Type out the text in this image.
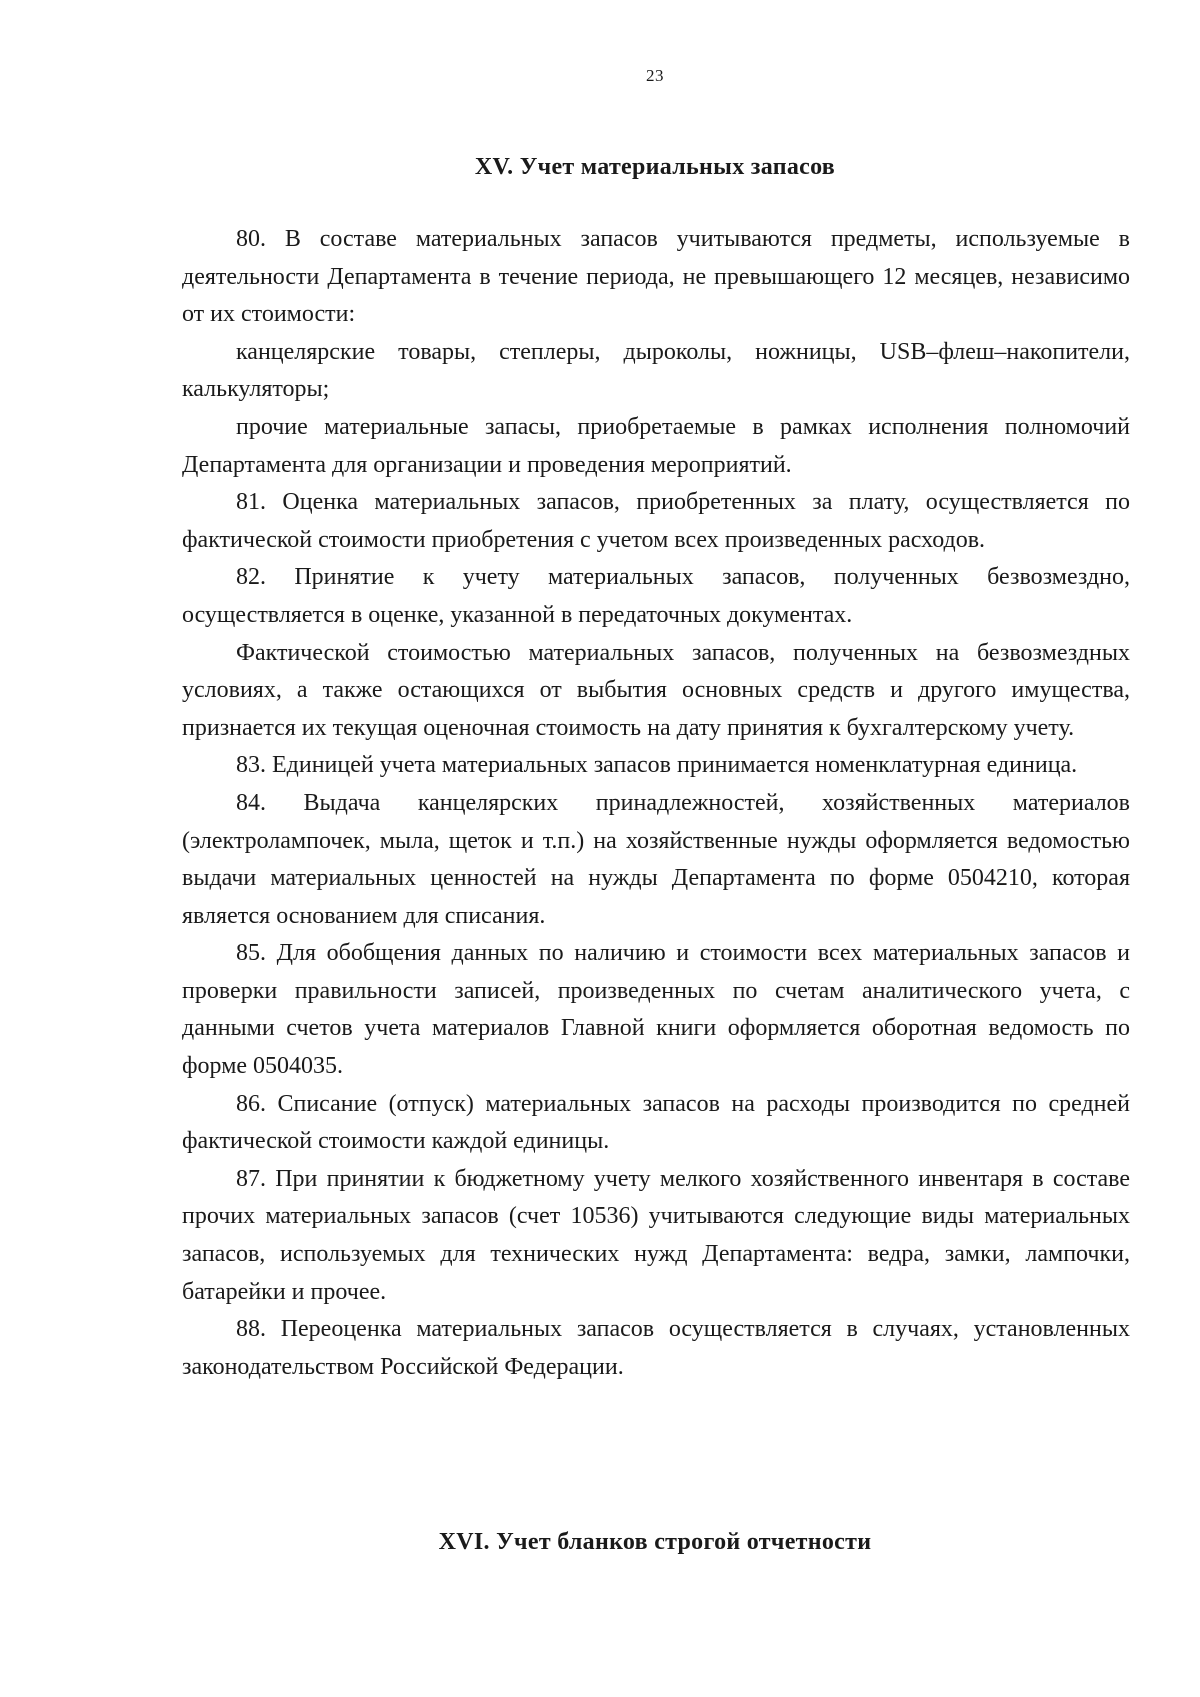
23
XV. Учет материальных запасов

80. В составе материальных запасов учитываются предметы, используемые в деятельности Департамента в течение периода, не превышающего 12 месяцев, независимо от их стоимости:

канцелярские товары, степлеры, дыроколы, ножницы, USB–флеш–накопители, калькуляторы;

прочие материальные запасы, приобретаемые в рамках исполнения полномочий Департамента для организации и проведения мероприятий.

81. Оценка материальных запасов, приобретенных за плату, осуществляется по фактической стоимости приобретения с учетом всех произведенных расходов.

82. Принятие к учету материальных запасов, полученных безвозмездно, осуществляется в оценке, указанной в передаточных документах.

Фактической стоимостью материальных запасов, полученных на безвозмездных условиях, а также остающихся от выбытия основных средств и другого имущества, признается их текущая оценочная стоимость на дату принятия к бухгалтерскому учету.

83. Единицей учета материальных запасов принимается номенклатурная единица.

84. Выдача канцелярских принадлежностей, хозяйственных материалов (электролампочек, мыла, щеток и т.п.) на хозяйственные нужды оформляется ведомостью выдачи материальных ценностей на нужды Департамента по форме 0504210, которая является основанием для списания.

85. Для обобщения данных по наличию и стоимости всех материальных запасов и проверки правильности записей, произведенных по счетам аналитического учета, с данными счетов учета материалов Главной книги оформляется оборотная ведомость по форме 0504035.

86. Списание (отпуск) материальных запасов на расходы производится по средней фактической стоимости каждой единицы.

87. При принятии к бюджетному учету мелкого хозяйственного инвентаря в составе прочих материальных запасов (счет 10536) учитываются следующие виды материальных запасов, используемых для технических нужд Департамента: ведра, замки, лампочки, батарейки и прочее.

88. Переоценка материальных запасов осуществляется в случаях, установленных законодательством Российской Федерации.

XVI. Учет бланков строгой отчетности
